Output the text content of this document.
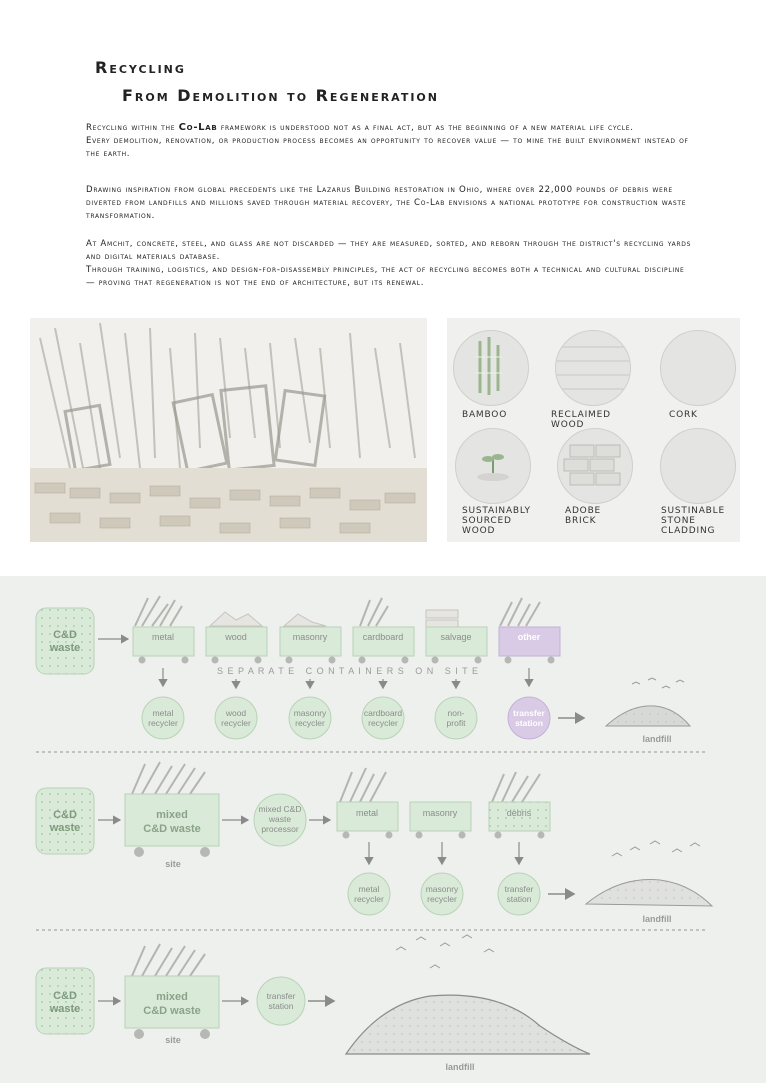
Recycling
From Demolition to Regeneration

Recycling within the Co-Lab framework is understood not as a final act, but as the beginning of a new material life cycle.
Every demolition, renovation, or production process becomes an opportunity to recover value — to mine the built environment instead of the earth.

Drawing inspiration from global precedents like the Lazarus Building restoration in Ohio, where over 22,000 pounds of debris were diverted from landfills and millions saved through material recovery, the Co-Lab envisions a national prototype for construction waste transformation.

At Amchit, concrete, steel, and glass are not discarded — they are measured, sorted, and reborn through the district's recycling yards and digital materials database.
Through training, logistics, and design-for-disassembly principles, the act of recycling becomes both a technical and cultural discipline — proving that regeneration is not the end of architecture, but its renewal.

BAMBOO	RECLAIMED
WOOD
CORK
SUSTAINABLY
SOURCED
WOOD
ADOBE
BRICK
SUSTINABLE
STONE
CLADDING
C&D
waste
metal	wood	masonry	cardboard	salvage	other
S E P A R A T E   C O N T A I N E R S   O N   S I T E
metal
recycler
wood
recycler
masonry
recycler
cardboard
recycler
non-
profit
transfer
station
landfill
C&D
waste
mixed
C&D waste
site
mixed C&D
waste
processor
metal	masonry	debris
metal
recycler
masonry
recycler
transfer
station
landfill
C&D
waste
mixed
C&D waste
site
transfer
station
landfill
